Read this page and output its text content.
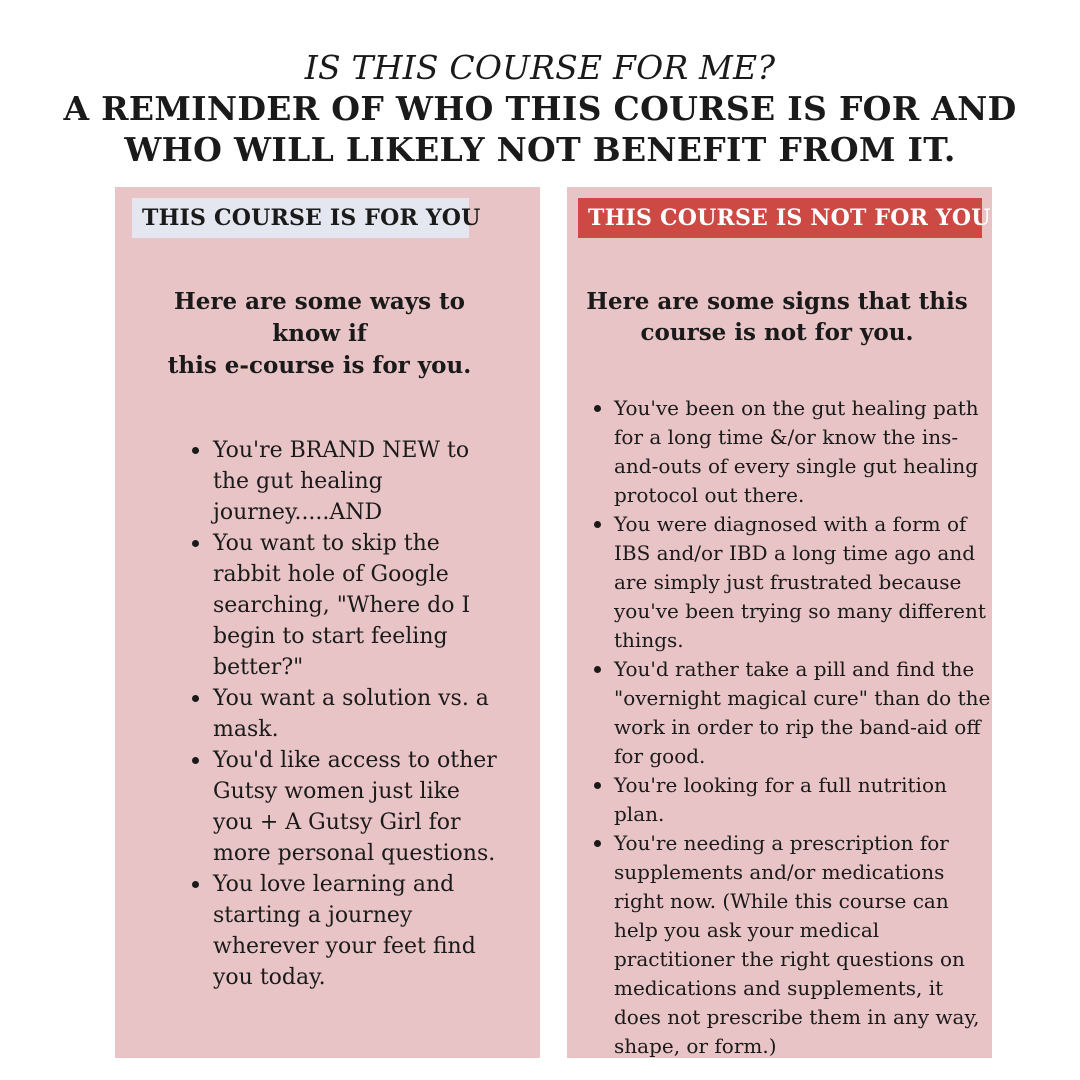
IS THIS COURSE FOR ME?
A REMINDER OF WHO THIS COURSE IS FOR AND
WHO WILL LIKELY NOT BENEFIT FROM IT.
THIS COURSE IS FOR YOU
Here are some ways to
know if
this e-course is for you.
You're BRAND NEW to the gut healing journey.....AND
You want to skip the rabbit hole of Google searching, "Where do I begin to start feeling better?"
You want a solution vs. a mask.
You'd like access to other Gutsy women just like you + A Gutsy Girl for more personal questions.
You love learning and starting a journey wherever your feet find you today.
THIS COURSE IS NOT FOR YOU
Here are some signs that this course is not for you.
You've been on the gut healing path for a long time &/or know the ins-and-outs of every single gut healing protocol out there.
You were diagnosed with a form of IBS and/or IBD a long time ago and are simply just frustrated because you've been trying so many different things.
You'd rather take a pill and find the "overnight magical cure" than do the work in order to rip the band-aid off for good.
You're looking for a full nutrition plan.
You're needing a prescription for supplements and/or medications right now. (While this course can help you ask your medical practitioner the right questions on medications and supplements, it does not prescribe them in any way, shape, or form.)
